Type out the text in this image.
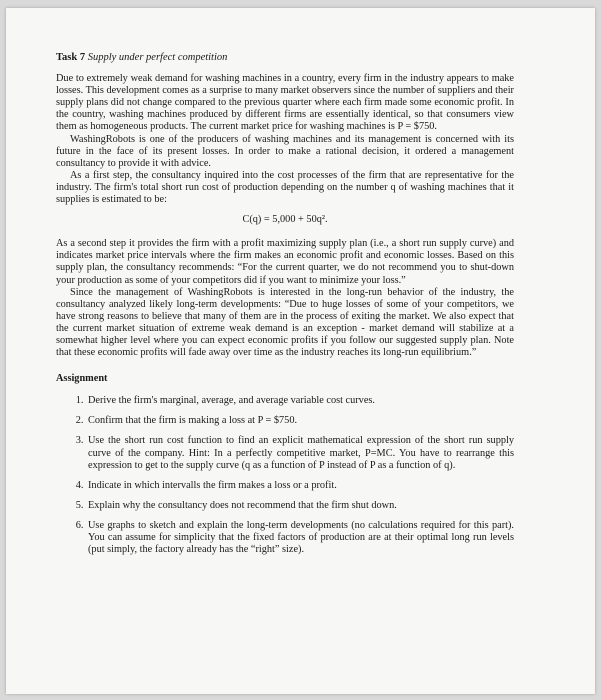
Task 7 Supply under perfect competition

Due to extremely weak demand for washing machines in a country, every firm in the industry appears to make losses. This development comes as a surprise to many market observers since the number of suppliers and their supply plans did not change compared to the previous quarter where each firm made some economic profit. In the country, washing machines produced by different firms are essentially identical, so that consumers view them as homogeneous products. The current market price for washing machines is P = $750.

WashingRobots is one of the producers of washing machines and its management is concerned with its future in the face of its present losses. In order to make a rational decision, it ordered a management consultancy to provide it with advice.

As a first step, the consultancy inquired into the cost processes of the firm that are representative for the industry. The firm's total short run cost of production depending on the number q of washing machines that it supplies is estimated to be:

C(q) = 5,000 + 50q².

As a second step it provides the firm with a profit maximizing supply plan (i.e., a short run supply curve) and indicates market price intervals where the firm makes an economic profit and economic losses. Based on this supply plan, the consultancy recommends: “For the current quarter, we do not recommend you to shut-down your production as some of your competitors did if you want to minimize your loss.”

Since the management of WashingRobots is interested in the long-run behavior of the industry, the consultancy analyzed likely long-term developments: “Due to huge losses of some of your competitors, we have strong reasons to believe that many of them are in the process of exiting the market. We also expect that the current market situation of extreme weak demand is an exception - market demand will stabilize at a somewhat higher level where you can expect economic profits if you follow our suggested supply plan. Note that these economic profits will fade away over time as the industry reaches its long-run equilibrium.”

Assignment
1. Derive the firm's marginal, average, and average variable cost curves.
2. Confirm that the firm is making a loss at P = $750.
3. Use the short run cost function to find an explicit mathematical expression of the short run supply curve of the company. Hint: In a perfectly competitive market, P=MC. You have to rearrange this expression to get to the supply curve (q as a function of P instead of P as a function of q).
4. Indicate in which intervalls the firm makes a loss or a profit.
5. Explain why the consultancy does not recommend that the firm shut down.
6. Use graphs to sketch and explain the long-term developments (no calculations required for this part). You can assume for simplicity that the fixed factors of production are at their optimal long run levels (put simply, the factory already has the “right” size).
